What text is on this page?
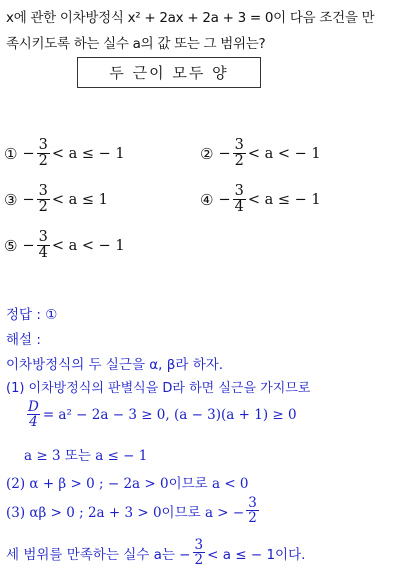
x에 관한 이차방정식 x² + 2ax + 2a + 3 = 0이 다음 조건을 만
족시키도록 하는 실수 a의 값 또는 그 범위는?
두 근이 모두 양
① − $\frac{3}{2} < a$ ≤ − 1	② − $\frac{3}{2} < a$ < − 1
③ − $\frac{3}{2} < a \le 1$	④ − $\frac{3}{4} < a$ ≤ − 1
⑤ − $\frac{3}{4} < a$ < − 1
정답 : ①
해설 :
이차방정식의 두 실근을 α, β라 하자.
(1) 이차방정식의 판별식을 D라 하면 실근을 가지므로
$\frac{D}{4} = a^2 - 2a - 3 \ge 0$, (a − 3)(a + 1) ≥ 0
a ≥ 3 또는 a ≤ − 1
(2) α + β > 0 ; − 2a > 0이므로 a < 0
(3) αβ > 0 ; 2a + 3 > 0이므로 a > − $\frac{3}{2}$
세 범위를 만족하는 실수 a는 − $\frac{3}{2} < a$ ≤ − 1이다.
